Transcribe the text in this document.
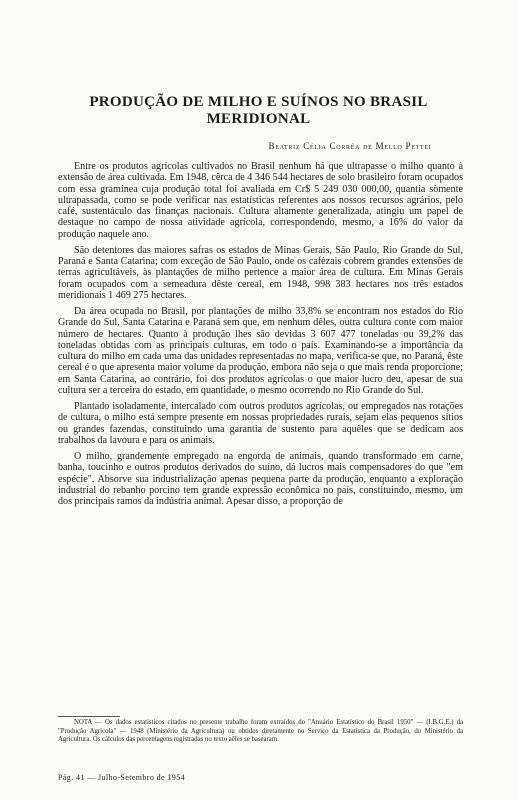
PRODUÇÃO DE MILHO E SUÍNOS NO BRASIL MERIDIONAL
Beatriz Célia Corrêa de Mello Pettei

Entre os produtos agrícolas cultivados no Brasil nenhum há que ultrapasse o milho quanto à extensão de área cultivada. Em 1948, cêrca de 4 346 544 hectares de solo brasileiro foram ocupados com essa gramínea cuja produção total foi avaliada em Cr$ 5 249 030 000,00, quantia sòmente ultrapassada, como se pode verificar nas estatísticas referentes aos nossos recursos agrários, pelo café, sustentáculo das finanças nacionais. Cultura altamente generalizada, atingiu um papel de destaque no campo de nossa atividade agrícola, correspondendo, mesmo, a 16% do valor da produção naquele ano.

São detentores das maiores safras os estados de Minas Gerais, São Paulo, Rio Grande do Sul, Paraná e Santa Catarina; com exceção de São Paulo, onde os cafèzais cobrem grandes extensões de terras agricultáveis, às plantações de milho pertence a maior área de cultura. Em Minas Gerais foram ocupados com a semeadura dêste cereal, em 1948, 998 383 hectares nos três estados meridionais 1 469 275 hectares.

Da área ocupada no Brasil, por plantações de milho 33,8% se encontram nos estados do Rio Grande do Sul, Santa Catarina e Paraná sem que, em nenhum dêles, outra cultura conte com maior número de hectares. Quanto à produção lhes são devidas 3 607 477 toneladas ou 39,2% das toneladas obtidas com as principais culturas, em todo o país. Examinando-se a importância da cultura do milho em cada uma das unidades representadas no mapa, verifica-se que, no Paraná, êste cereal é o que apresenta maior volume da produção, embora não seja o que mais renda proporcione; em Santa Catarina, ao contrário, foi dos produtos agrícolas o que maior lucro deu, apesar de sua cultura ser a terceira do estado, em quantidade, o mesmo ocorrendo no Rio Grande do Sul.

Plantado isoladamente, intercalado com outros produtos agrícolas, ou empregados nas rotações de cultura, o milho está sempre presente em nossas propriedades rurais, sejam elas pequenos sítios ou grandes fazendas, constituindo uma garantia de sustento para aquêles que se dedicam aos trabalhos da lavoura e para os animais.

O milho, grandemente empregado na engorda de animais, quando transformado em carne, banha, toucinho e outros produtos derivados do suíno, dá lucros mais compensadores do que "em espécie". Absorve sua industrialização apenas pequena parte da produção, enquanto a exploração industrial do rebanho porcino tem grande expressão econômica no país, constituindo, mesmo, um dos principais ramos da indústria animal. Apesar disso, a proporção de

NOTA — Os dados estatísticos citados no presente trabalho foram extraídos do "Anuário Estatístico do Brasil 1950" — (I.B.G.E.) da "Produção Agrícola" — 1948 (Ministério da Agricultura) ou obtidos diretamente no Serviço da Estatística da Produção, do Ministério da Agricultura. Os cálculos das percentagens registradas no texto aêles se basearam.

Pág. 41 — Julho-Setembro de 1954
